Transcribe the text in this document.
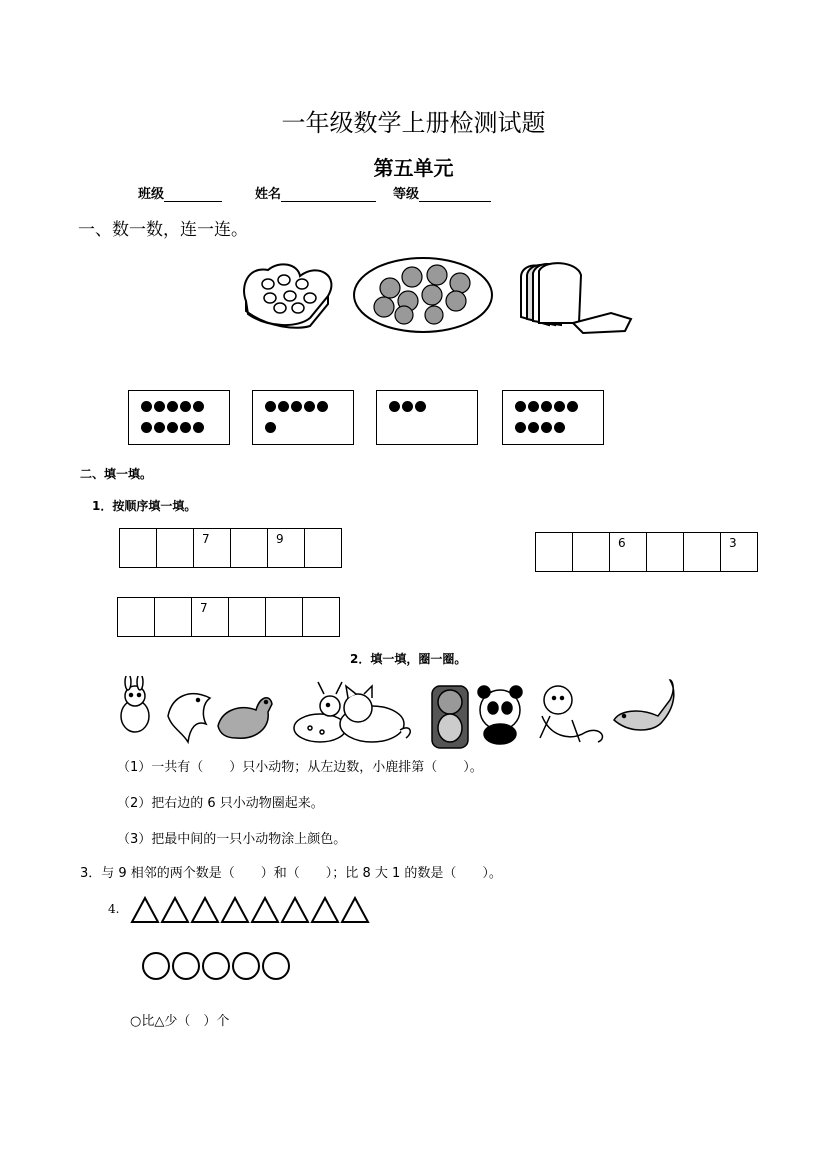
一年级数学上册检测试题
第五单元
班级	姓名	等级
一、数一数，连一连。
二、填一填。
1．按顺序填一填。
7	9	6	3
7
2．填一填，圈一圈。
（1）一共有（　　）只小动物；从左边数，小鹿排第（　　）。
（2）把右边的 6 只小动物圈起来。
（3）把最中间的一只小动物涂上颜色。
3．与 9 相邻的两个数是（　　）和（　　）；比 8 大 1 的数是（　　）。
4.
○比△少（　）个
